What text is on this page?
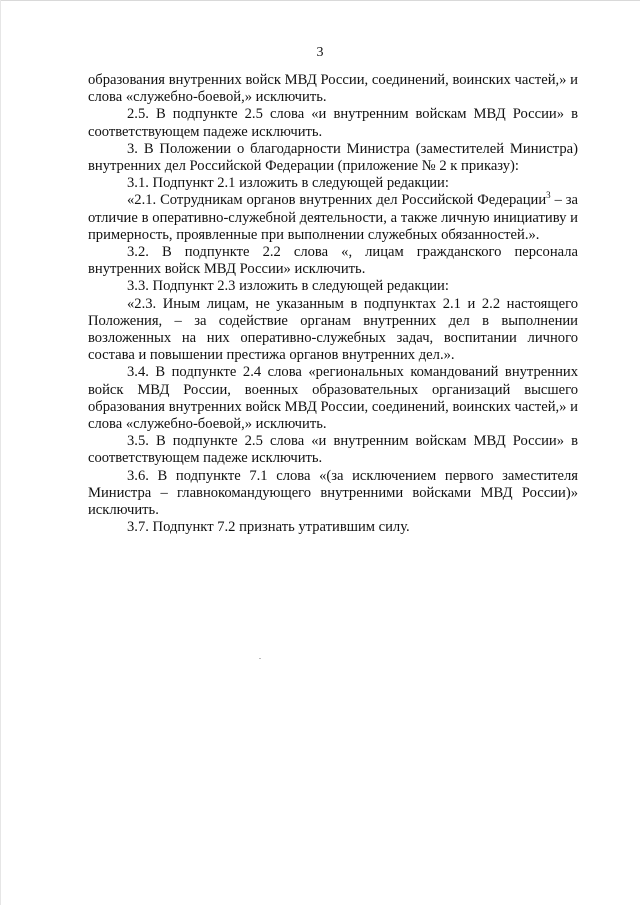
3

образования внутренних войск МВД России, соединений, воинских частей,» и слова «служебно-боевой,» исключить.

2.5. В подпункте 2.5 слова «и внутренним войскам МВД России» в соответствующем падеже исключить.

3. В Положении о благодарности Министра (заместителей Министра) внутренних дел Российской Федерации (приложение № 2 к приказу):

3.1. Подпункт 2.1 изложить в следующей редакции:

«2.1. Сотрудникам органов внутренних дел Российской Федерации$^3$ – за отличие в оперативно-служебной деятельности, а также личную инициативу и примерность, проявленные при выполнении служебных обязанностей.».

3.2. В подпункте 2.2 слова «, лицам гражданского персонала внутренних войск МВД России» исключить.

3.3. Подпункт 2.3 изложить в следующей редакции:

«2.3. Иным лицам, не указанным в подпунктах 2.1 и 2.2 настоящего Положения, – за содействие органам внутренних дел в выполнении возложенных на них оперативно-служебных задач, воспитании личного состава и повышении престижа органов внутренних дел.».

3.4. В подпункте 2.4 слова «региональных командований внутренних войск МВД России, военных образовательных организаций высшего образования внутренних войск МВД России, соединений, воинских частей,» и слова «служебно-боевой,» исключить.

3.5. В подпункте 2.5 слова «и внутренним войскам МВД России» в соответствующем падеже исключить.

3.6. В подпункте 7.1 слова «(за исключением первого заместителя Министра – главнокомандующего внутренними войсками МВД России)» исключить.

3.7. Подпункт 7.2 признать утратившим силу.
